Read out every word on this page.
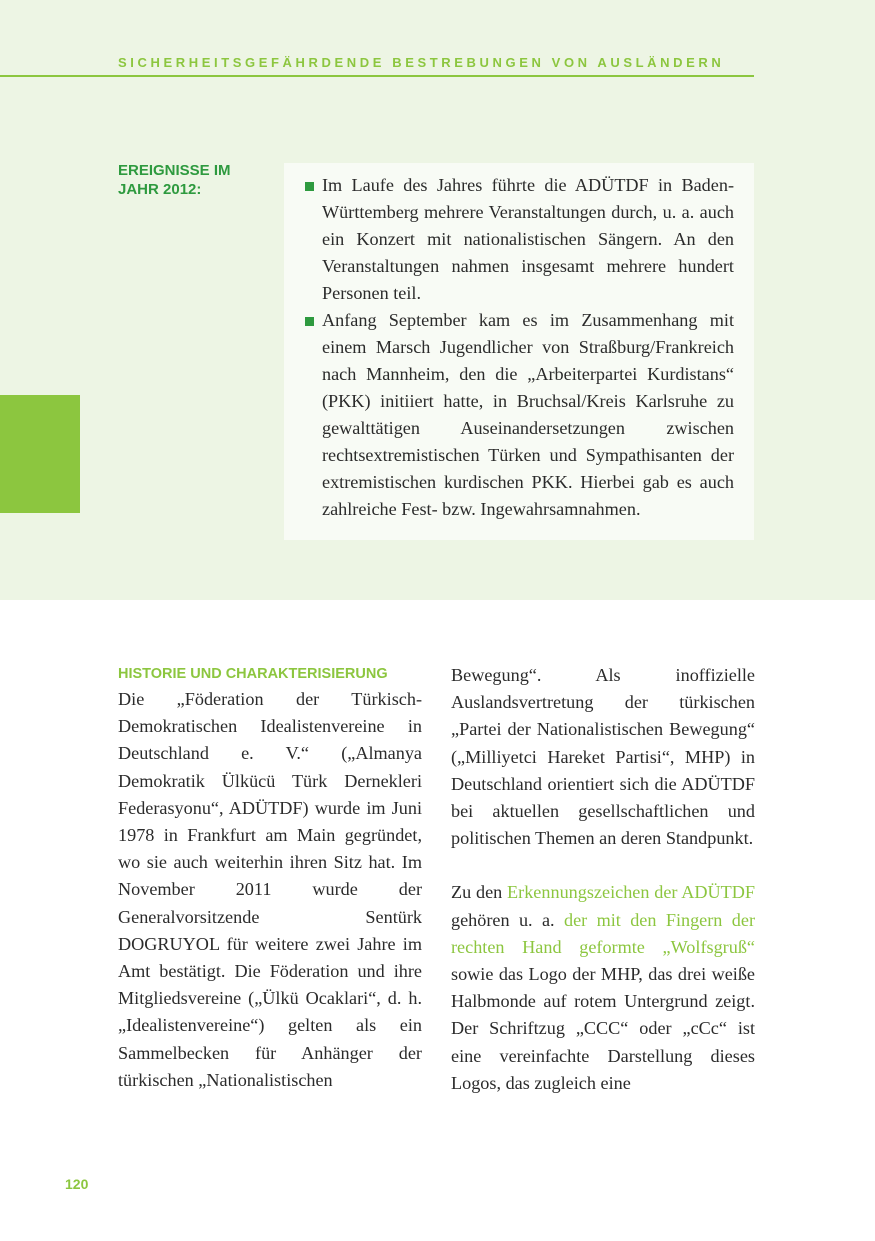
SICHERHEITSGEFÄHRDENDE BESTREBUNGEN VON AUSLÄNDERN
EREIGNISSE IM JAHR 2012:	Im Laufe des Jahres führte die ADÜTDF in Baden-Württemberg mehrere Veranstaltungen durch, u. a. auch ein Konzert mit nationalistischen Sängern. An den Veranstaltungen nahmen insgesamt mehrere hundert Personen teil.
Anfang September kam es im Zusammenhang mit einem Marsch Jugendlicher von Straßburg/Frankreich nach Mannheim, den die „Arbeiterpartei Kurdistans“ (PKK) initiiert hatte, in Bruchsal/Kreis Karlsruhe zu gewalttätigen Auseinandersetzungen zwischen rechtsextremistischen Türken und Sympathisanten der extremistischen kurdischen PKK. Hierbei gab es auch zahlreiche Fest- bzw. Ingewahrsamnahmen.
HISTORIE UND CHARAKTERISIERUNG

Die „Föderation der Türkisch-Demokratischen Idealistenvereine in Deutschland e. V.“ („Almanya Demokratik Ülkücü Türk Dernekleri Federasyonu“, ADÜTDF) wurde im Juni 1978 in Frankfurt am Main gegründet, wo sie auch weiterhin ihren Sitz hat. Im November 2011 wurde der Generalvorsitzende Sentürk DOGRUYOL für weitere zwei Jahre im Amt bestätigt. Die Föderation und ihre Mitgliedsvereine („Ülkü Ocaklari“, d. h. „Idealistenvereine“) gelten als ein Sammelbecken für Anhänger der türkischen „Nationalistischen

Bewegung“. Als inoffizielle Auslandsvertretung der türkischen „Partei der Nationalistischen Bewegung“ („Milliyetci Hareket Partisi“, MHP) in Deutschland orientiert sich die ADÜTDF bei aktuellen gesellschaftlichen und politischen Themen an deren Standpunkt.

Zu den Erkennungszeichen der ADÜTDF gehören u. a. der mit den Fingern der rechten Hand geformte „Wolfsgruß“ sowie das Logo der MHP, das drei weiße Halbmonde auf rotem Untergrund zeigt. Der Schriftzug „CCC“ oder „cCc“ ist eine vereinfachte Darstellung dieses Logos, das zugleich eine

120
